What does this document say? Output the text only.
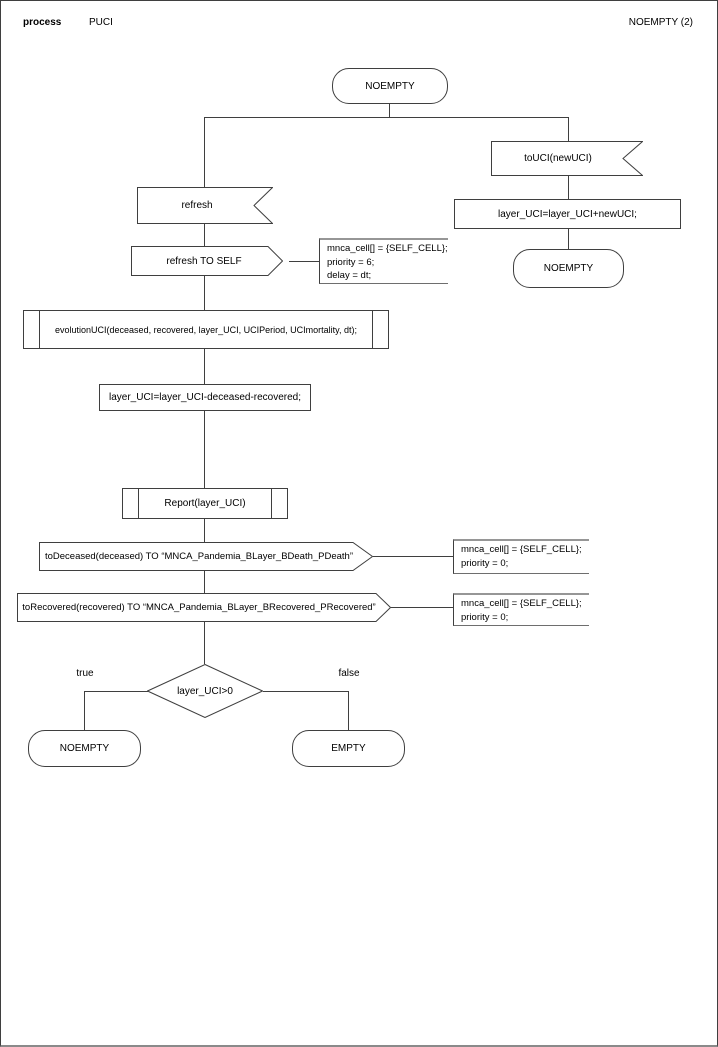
process	PUCI	NOEMPTY (2)
NOEMPTY
toUCI(newUCI)
layer_UCI=layer_UCI+newUCI;
NOEMPTY
refresh
refresh TO SELF
mnca_cell[] = {SELF_CELL};
priority = 6;
delay = dt;
evolutionUCI(deceased, recovered, layer_UCI, UCIPeriod, UCImortality, dt);
layer_UCI=layer_UCI-deceased-recovered;
Report(layer_UCI)
toDeceased(deceased) TO “MNCA_Pandemia_BLayer_BDeath_PDeath”
mnca_cell[] = {SELF_CELL};
priority = 0;
toRecovered(recovered) TO “MNCA_Pandemia_BLayer_BRecovered_PRecovered”	mnca_cell[] = {SELF_CELL};
priority = 0;
layer_UCI>0
true	false
NOEMPTY	EMPTY
